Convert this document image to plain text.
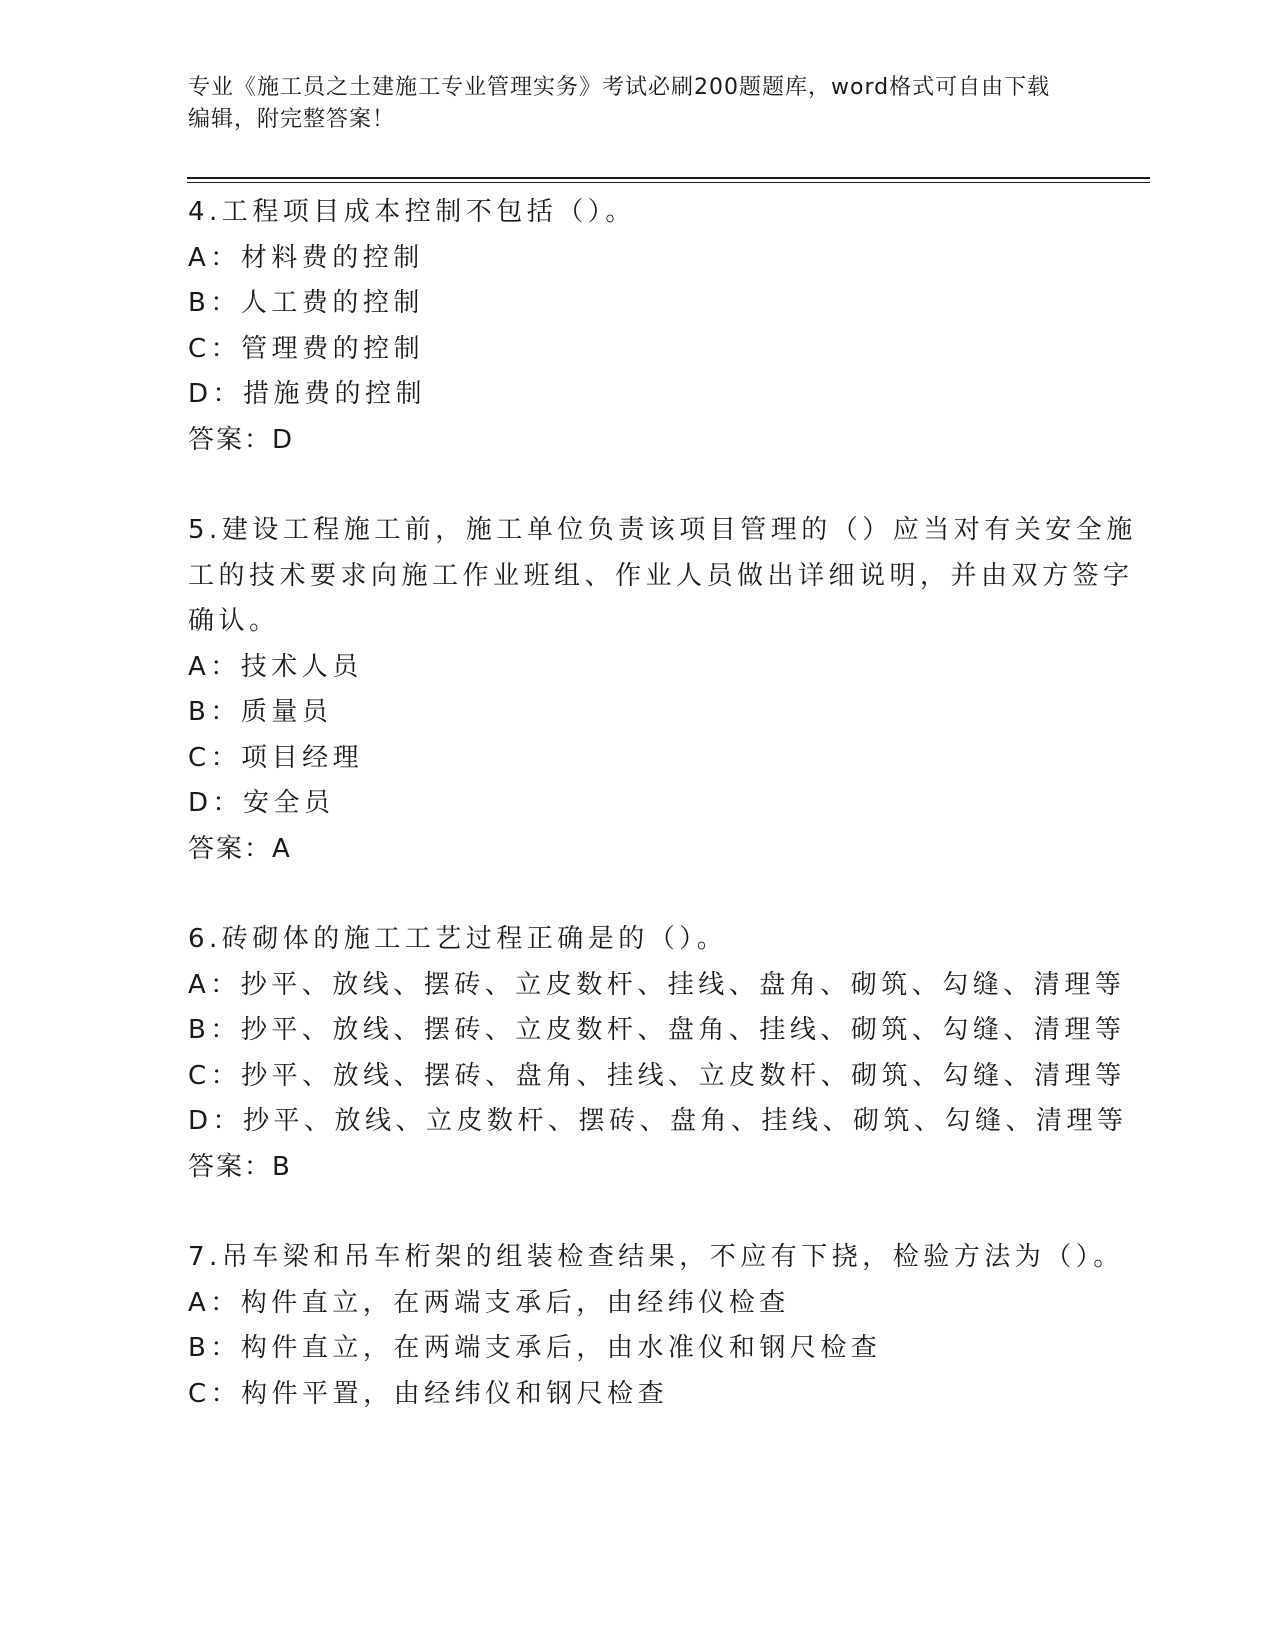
专业《施工员之土建施工专业管理实务》考试必刷200题题库，word格式可自由下载编辑，附完整答案！

4.工程项目成本控制不包括（）。

A：材料费的控制

B：人工费的控制

C：管理费的控制

D：措施费的控制

答案：D

5.建设工程施工前，施工单位负责该项目管理的（）应当对有关安全施工的技术要求向施工作业班组、作业人员做出详细说明，并由双方签字确认。

A：技术人员

B：质量员

C：项目经理

D：安全员

答案：A

6.砖砌体的施工工艺过程正确是的（）。

A：抄平、放线、摆砖、立皮数杆、挂线、盘角、砌筑、勾缝、清理等

B：抄平、放线、摆砖、立皮数杆、盘角、挂线、砌筑、勾缝、清理等

C：抄平、放线、摆砖、盘角、挂线、立皮数杆、砌筑、勾缝、清理等

D：抄平、放线、立皮数杆、摆砖、盘角、挂线、砌筑、勾缝、清理等

答案：B

7.吊车梁和吊车桁架的组装检查结果，不应有下挠，检验方法为（）。

A：构件直立，在两端支承后，由经纬仪检查

B：构件直立，在两端支承后，由水准仪和钢尺检查

C：构件平置，由经纬仪和钢尺检查
